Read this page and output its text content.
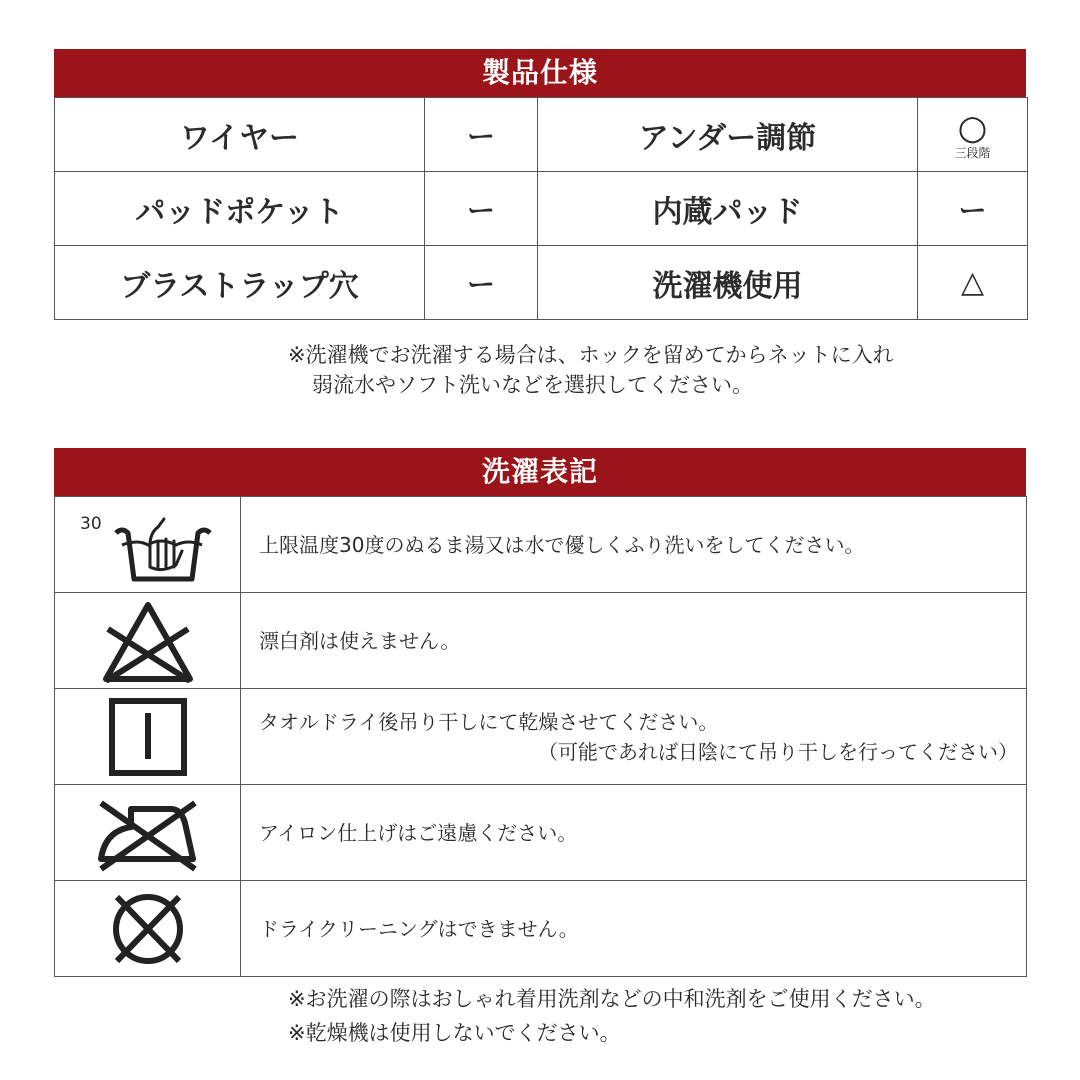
製品仕様
ワイヤー	ー	アンダー調節	○
三段階

パッドポケット	ー	内蔵パッド	ー
ブラストラップ穴	ー	洗濯機使用	△
※洗濯機でお洗濯する場合は、ホックを留めてからネットに入れ
弱流水やソフト洗いなどを選択してください。
洗濯表記
30	上限温度30度のぬるま湯又は水で優しくふり洗いをしてください。

	漂白剤は使えません。

	タオルドライ後吊り干しにて乾燥させてください。
（可能であれば日陰にて吊り干しを行ってください）

	アイロン仕上げはご遠慮ください。

	ドライクリーニングはできません。
※お洗濯の際はおしゃれ着用洗剤などの中和洗剤をご使用ください。
※乾燥機は使用しないでください。
